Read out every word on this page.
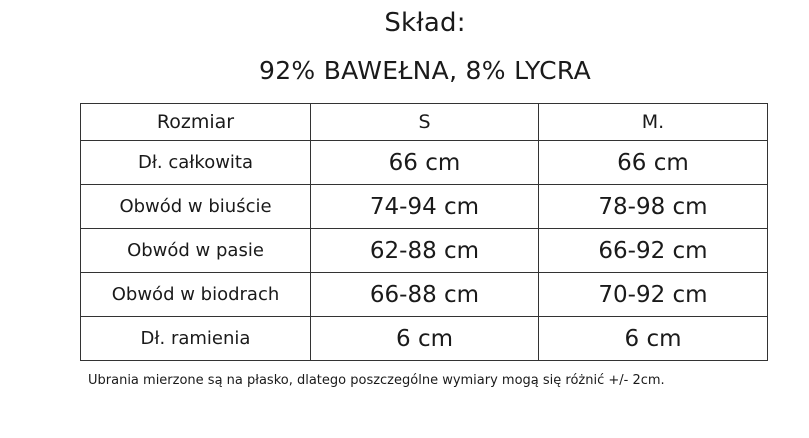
Skład:
92% BAWEŁNA, 8% LYCRA
Rozmiar	S	M.
Dł. całkowita	66 cm	66 cm
Obwód w biuście	74-94 cm	78-98 cm
Obwód w pasie	62-88 cm	66-92 cm
Obwód w biodrach	66-88 cm	70-92 cm
Dł. ramienia	6 cm	6 cm
Ubrania mierzone są na płasko, dlatego poszczególne wymiary mogą się różnić +/- 2cm.
